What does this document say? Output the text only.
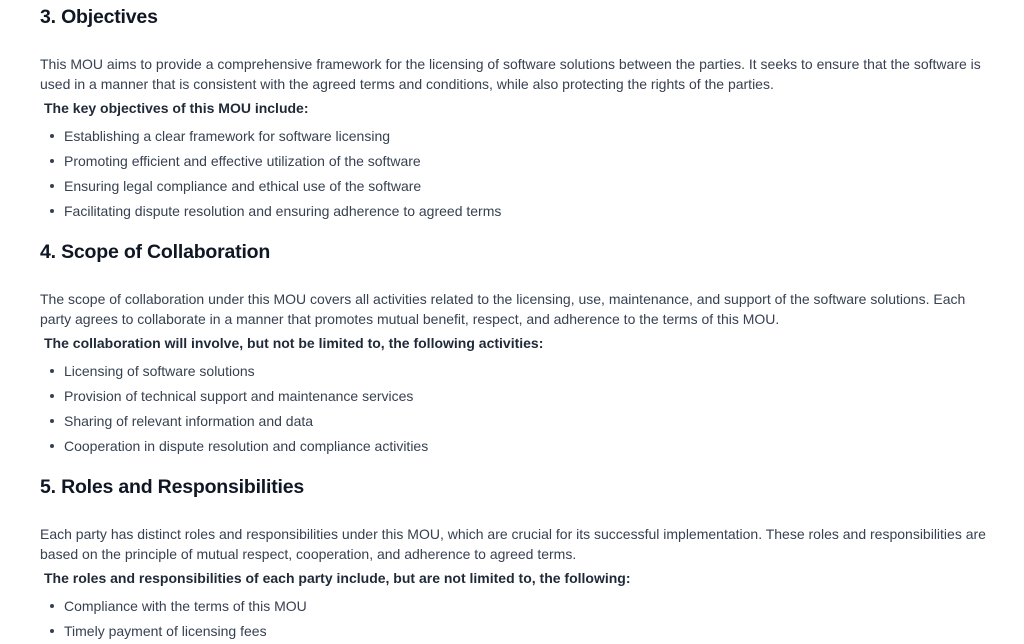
3. Objectives

This MOU aims to provide a comprehensive framework for the licensing of software solutions between the parties. It seeks to ensure that the software is used in a manner that is consistent with the agreed terms and conditions, while also protecting the rights of the parties.

The key objectives of this MOU include:

Establishing a clear framework for software licensing
Promoting efficient and effective utilization of the software
Ensuring legal compliance and ethical use of the software
Facilitating dispute resolution and ensuring adherence to agreed terms
4. Scope of Collaboration

The scope of collaboration under this MOU covers all activities related to the licensing, use, maintenance, and support of the software solutions. Each party agrees to collaborate in a manner that promotes mutual benefit, respect, and adherence to the terms of this MOU.

The collaboration will involve, but not be limited to, the following activities:

Licensing of software solutions
Provision of technical support and maintenance services
Sharing of relevant information and data
Cooperation in dispute resolution and compliance activities
5. Roles and Responsibilities

Each party has distinct roles and responsibilities under this MOU, which are crucial for its successful implementation. These roles and responsibilities are based on the principle of mutual respect, cooperation, and adherence to agreed terms.

The roles and responsibilities of each party include, but are not limited to, the following:

Compliance with the terms of this MOU
Timely payment of licensing fees
